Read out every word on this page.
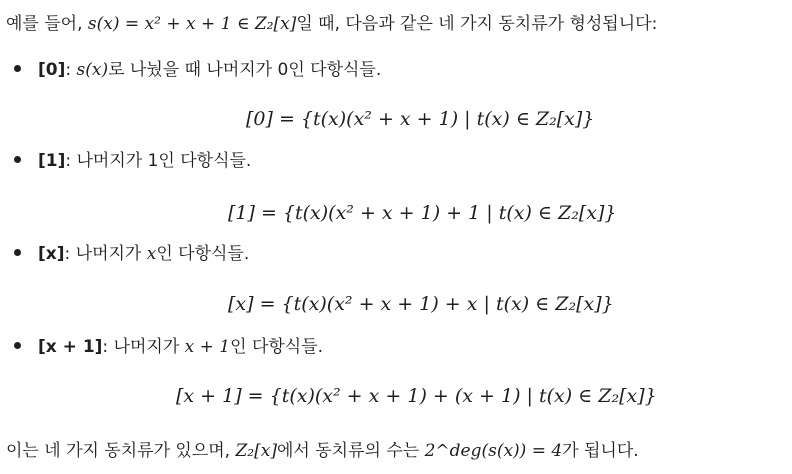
예를 들어, s(x) = x² + x + 1 ∈ Z₂[x]일 때, 다음과 같은 네 가지 동치류가 형성됩니다:
[0]: s(x)로 나눴을 때 나머지가 0인 다항식들.
[0] = {t(x)(x² + x + 1) | t(x) ∈ Z₂[x]}
[1]: 나머지가 1인 다항식들.
[1] = {t(x)(x² + x + 1) + 1 | t(x) ∈ Z₂[x]}
[x]: 나머지가 x인 다항식들.
[x] = {t(x)(x² + x + 1) + x | t(x) ∈ Z₂[x]}
[x + 1]: 나머지가 x + 1인 다항식들.
[x + 1] = {t(x)(x² + x + 1) + (x + 1) | t(x) ∈ Z₂[x]}
이는 네 가지 동치류가 있으며, Z₂[x]에서 동치류의 수는 2^deg(s(x)) = 4가 됩니다.
